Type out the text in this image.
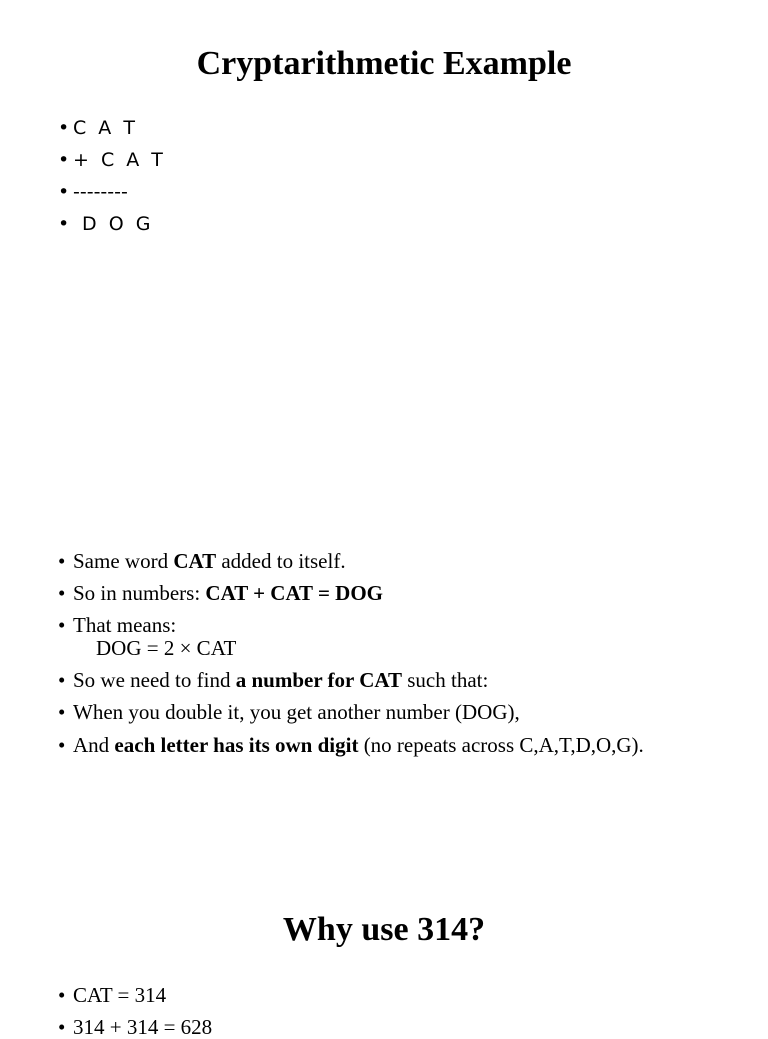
Cryptarithmetic Example
• C A T
• + C A T
• --------
•  D O G
• Same word CAT added to itself.
• So in numbers: CAT + CAT = DOG
• That means:
DOG = 2 × CAT
• So we need to find a number for CAT such that:
• When you double it, you get another number (DOG),
• And each letter has its own digit (no repeats across C,A,T,D,O,G).
Why use 314?
• CAT = 314
• 314 + 314 = 628
